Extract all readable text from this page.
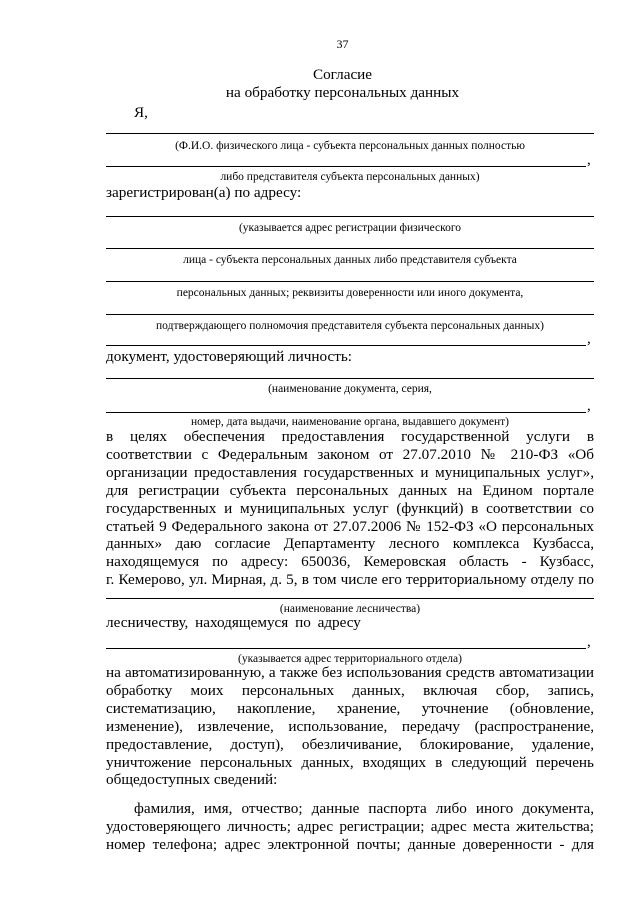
37
Согласие
на обработку персональных данных
Я,
(Ф.И.О. физического лица - субъекта персональных данных полностью
,
либо представителя субъекта персональных данных)
зарегистрирован(а) по адресу:
(указывается адрес регистрации физического
лица - субъекта персональных данных либо представителя субъекта
персональных данных; реквизиты доверенности или иного документа,
подтверждающего полномочия представителя субъекта персональных данных)
,
документ, удостоверяющий личность:
(наименование документа, серия,
,
номер, дата выдачи, наименование органа, выдавшего документ)
в целях обеспечения предоставления государственной услуги в
соответствии с Федеральным законом от 27.07.2010 № 210-ФЗ «Об
организации предоставления государственных и муниципальных услуг»,
для регистрации субъекта персональных данных на Едином портале
государственных и муниципальных услуг (функций) в соответствии со
статьей 9 Федерального закона от 27.07.2006 № 152-ФЗ «О персональных
данных» даю согласие Департаменту лесного комплекса Кузбасса,
находящемуся по адресу: 650036, Кемеровская область - Кузбасс,
г. Кемерово, ул. Мирная, д. 5, в том числе его территориальному отделу по
(наименование лесничества)
лесничеству, находящемуся по адресу
,
(указывается адрес территориального отдела)
на автоматизированную, а также без использования средств автоматизации
обработку моих персональных данных, включая сбор, запись,
систематизацию, накопление, хранение, уточнение (обновление,
изменение), извлечение, использование, передачу (распространение,
предоставление, доступ), обезличивание, блокирование, удаление,
уничтожение персональных данных, входящих в следующий перечень
общедоступных сведений:
фамилия, имя, отчество; данные паспорта либо иного документа,
удостоверяющего личность; адрес регистрации; адрес места жительства;
номер телефона; адрес электронной почты; данные доверенности - для
